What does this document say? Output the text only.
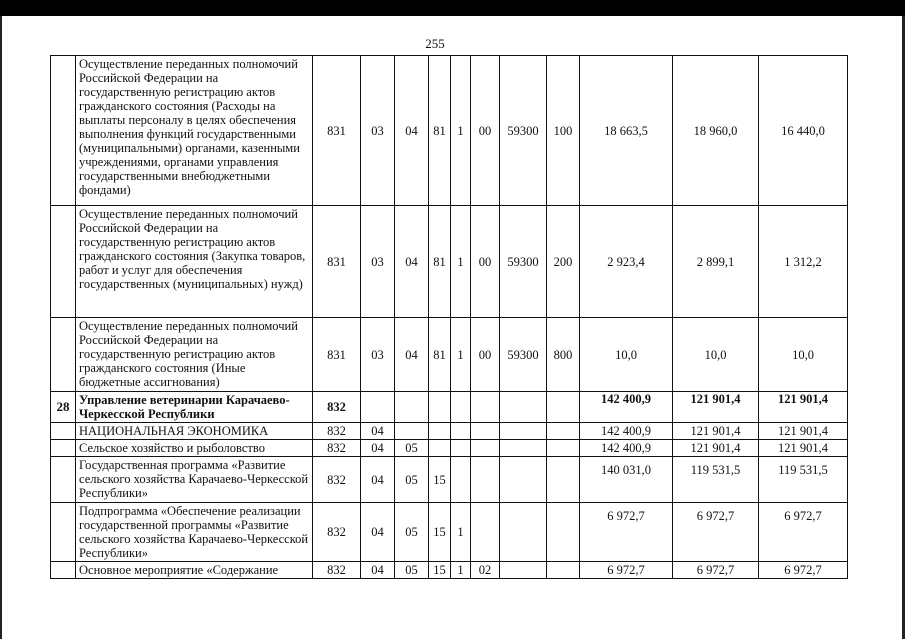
255
	Осуществление переданных полномочий Российской Федерации на государственную регистрацию актов гражданского состояния (Расходы на выплаты персоналу в целях обеспечения выполнения функций государственными (муниципальными) органами, казенными учреждениями, органами управления государственными внебюджетными фондами)	831	03	04	81	1	00	59300	100	18 663,5	18 960,0	16 440,0
	Осуществление переданных полномочий Российской Федерации на государственную регистрацию актов гражданского состояния (Закупка товаров, работ и услуг для обеспечения государственных (муниципальных) нужд)	831	03	04	81	1	00	59300	200	2 923,4	2 899,1	1 312,2
	Осуществление переданных полномочий Российской Федерации на государственную регистрацию актов гражданского состояния (Иные бюджетные ассигнования)	831	03	04	81	1	00	59300	800	10,0	10,0	10,0
28	Управление ветеринарии Карачаево-Черкесской Республики	832								142 400,9	121 901,4	121 901,4
	НАЦИОНАЛЬНАЯ ЭКОНОМИКА	832	04							142 400,9	121 901,4	121 901,4
	Сельское хозяйство и рыболовство	832	04	05						142 400,9	121 901,4	121 901,4
	Государственная программа «Развитие сельского хозяйства Карачаево-Черкесской Республики»	832	04	05	15					140 031,0	119 531,5	119 531,5
	Подпрограмма «Обеспечение реализации государственной программы «Развитие сельского хозяйства Карачаево-Черкесской Республики»	832	04	05	15	1				6 972,7	6 972,7	6 972,7
	Основное мероприятие «Содержание	832	04	05	15	1	02			6 972,7	6 972,7	6 972,7
